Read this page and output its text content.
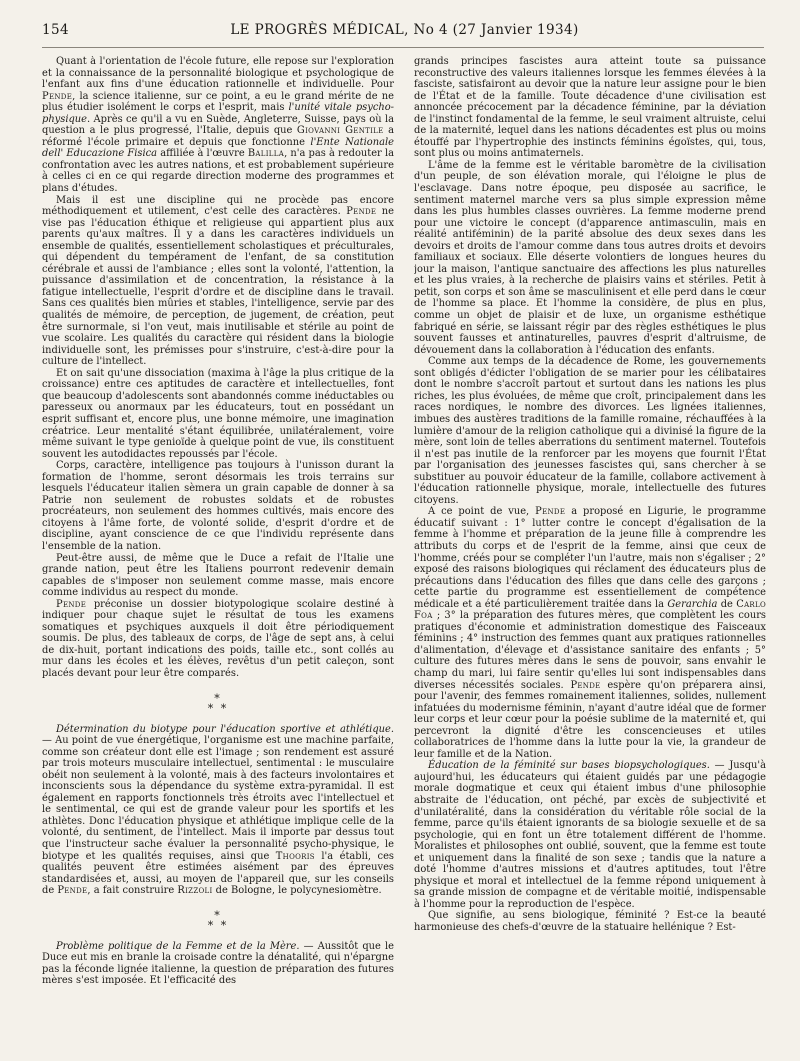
154	LE PROGRÈS MÉDICAL, No 4 (27 Janvier 1934)

Quant à l'orientation de l'école future, elle repose sur l'exploration et la connaissance de la personnalité biologique et psychologique de l'enfant aux fins d'une éducation rationnelle et individuelle. Pour Pende, la science italienne, sur ce point, a eu le grand mérite de ne plus étudier isolément le corps et l'esprit, mais l'unité vitale psycho-physique. Après ce qu'il a vu en Suède, Angleterre, Suisse, pays où la question a le plus progressé, l'Italie, depuis que Giovanni Gentile a réformé l'école primaire et depuis que fonctionne l'Ente Nationale dell' Educazione Fisica affiliée à l'œuvre Balilla, n'a pas à redouter la confrontation avec les autres nations, et est probablement supérieure à celles ci en ce qui regarde direction moderne des programmes et plans d'études.

Mais il est une discipline qui ne procède pas encore méthodiquement et utilement, c'est celle des caractères. Pende ne vise pas l'éducation éthique et religieuse qui appartient plus aux parents qu'aux maîtres. Il y a dans les caractères individuels un ensemble de qualités, essentiellement scholastiques et préculturales, qui dépendent du tempérament de l'enfant, de sa constitution cérébrale et aussi de l'ambiance ; elles sont la volonté, l'attention, la puissance d'assimilation et de concentration, la résistance à la fatigue intellectuelle, l'esprit d'ordre et de discipline dans le travail. Sans ces qualités bien mûries et stables, l'intelligence, servie par des qualités de mémoire, de perception, de jugement, de création, peut être surnormale, si l'on veut, mais inutilisable et stérile au point de vue scolaire. Les qualités du caractère qui résident dans la biologie individuelle sont, les prémisses pour s'instruire, c'est-à-dire pour la culture de l'intellect.

Et on sait qu'une dissociation (maxima à l'âge la plus critique de la croissance) entre ces aptitudes de caractère et intellectuelles, font que beaucoup d'adolescents sont abandonnés comme inéductables ou paresseux ou anormaux par les éducateurs, tout en possédant un esprit suffisant et, encore plus, une bonne mémoire, une imagination créatrice. Leur mentalité s'étant équilibrée, unilatéralement, voire même suivant le type genioïde à quelque point de vue, ils constituent souvent les autodidactes repoussés par l'école.

Corps, caractère, intelligence pas toujours à l'unisson durant la formation de l'homme, seront désormais les trois terrains sur lesquels l'éducateur italien sèmera un grain capable de donner à sa Patrie non seulement de robustes soldats et de robustes procréateurs, non seulement des hommes cultivés, mais encore des citoyens à l'âme forte, de volonté solide, d'esprit d'ordre et de discipline, ayant conscience de ce que l'individu représente dans l'ensemble de la nation.

Peut-être aussi, de même que le Duce a refait de l'Italie une grande nation, peut être les Italiens pourront redevenir demain capables de s'imposer non seulement comme masse, mais encore comme individus au respect du monde.

Pende préconise un dossier biotypologique scolaire destiné à indiquer pour chaque sujet le résultat de tous les examens somatiques et psychiques auxquels il doit être périodiquement soumis. De plus, des tableaux de corps, de l'âge de sept ans, à celui de dix-huit, portant indications des poids, taille etc., sont collés au mur dans les écoles et les élèves, revêtus d'un petit caleçon, sont placés devant pour leur être comparés.

*
* *

Détermination du biotype pour l'éducation sportive et athlétique. — Au point de vue énergétique, l'organisme est une machine parfaite, comme son créateur dont elle est l'image ; son rendement est assuré par trois moteurs musculaire intellectuel, sentimental : le musculaire obéit non seulement à la volonté, mais à des facteurs involontaires et inconscients sous la dépendance du système extra-pyramidal. Il est également en rapports fonctionnels très étroits avec l'intellectuel et le sentimental, ce qui est de grande valeur pour les sportifs et les athlètes. Donc l'éducation physique et athlétique implique celle de la volonté, du sentiment, de l'intellect. Mais il importe par dessus tout que l'instructeur sache évaluer la personnalité psycho-physique, le biotype et les qualités requises, ainsi que Thooris l'a établi, ces qualités peuvent être estimées aisément par des épreuves standardisées et, aussi, au moyen de l'appareil que, sur les conseils de Pende, a fait construire Rizzoli de Bologne, le polycynesiomètre.

*
* *

Problème politique de la Femme et de la Mère. — Aussitôt que le Duce eut mis en branle la croisade contre la dénatalité, qui n'épargne pas la féconde lignée italienne, la question de préparation des futures mères s'est imposée. Et l'efficacité des

grands principes fascistes aura atteint toute sa puissance reconstructive des valeurs italiennes lorsque les femmes élevées à la fasciste, satisfairont au devoir que la nature leur assigne pour le bien de l'État et de la famille. Toute décadence d'une civilisation est annoncée précocement par la décadence féminine, par la déviation de l'instinct fondamental de la femme, le seul vraiment altruiste, celui de la maternité, lequel dans les nations décadentes est plus ou moins étouffé par l'hypertrophie des instincts féminins égoïstes, qui, tous, sont plus ou moins antimaternels.

L'âme de la femme est le véritable baromètre de la civilisation d'un peuple, de son élévation morale, qui l'éloigne le plus de l'esclavage. Dans notre époque, peu disposée au sacrifice, le sentiment maternel marche vers sa plus simple expression même dans les plus humbles classes ouvrières. La femme moderne prend pour une victoire le concept (d'apparence antimasculin, mais en réalité antiféminin) de la parité absolue des deux sexes dans les devoirs et droits de l'amour comme dans tous autres droits et devoirs familiaux et sociaux. Elle déserte volontiers de longues heures du jour la maison, l'antique sanctuaire des affections les plus naturelles et les plus vraies, à la recherche de plaisirs vains et stériles. Petit à petit, son corps et son âme se masculinisent et elle perd dans le cœur de l'homme sa place. Et l'homme la considère, de plus en plus, comme un objet de plaisir et de luxe, un organisme esthétique fabriqué en série, se laissant régir par des règles esthétiques le plus souvent fausses et antinaturelles, pauvres d'esprit d'altruisme, de dévouement dans la collaboration à l'éducation des enfants.

Comme aux temps de la décadence de Rome, les gouvernements sont obligés d'édicter l'obligation de se marier pour les célibataires dont le nombre s'accroît partout et surtout dans les nations les plus riches, les plus évoluées, de même que croît, principalement dans les races nordiques, le nombre des divorces. Les lignées italiennes, imbues des austères traditions de la famille romaine, réchauffées à la lumière d'amour de la religion catholique qui a divinisé la figure de la mère, sont loin de telles aberrations du sentiment maternel. Toutefois il n'est pas inutile de la renforcer par les moyens que fournit l'État par l'organisation des jeunesses fascistes qui, sans chercher à se substituer au pouvoir éducateur de la famille, collabore activement à l'éducation rationnelle physique, morale, intellectuelle des futures citoyens.

A ce point de vue, Pende a proposé en Ligurie, le programme éducatif suivant : 1° lutter contre le concept d'égalisation de la femme à l'homme et préparation de la jeune fille à comprendre les attributs du corps et de l'esprit de la femme, ainsi que ceux de l'homme, créés pour se compléter l'un l'autre, mais non s'égaliser ; 2° exposé des raisons biologiques qui réclament des éducateurs plus de précautions dans l'éducation des filles que dans celle des garçons ; cette partie du programme est essentiellement de compétence médicale et a été particulièrement traitée dans la Gerarchia de Carlo Foa ; 3° la préparation des futures mères, que complètent les cours pratiques d'économie et administration domestique des Faisceaux féminins ; 4° instruction des femmes quant aux pratiques rationnelles d'alimentation, d'élevage et d'assistance sanitaire des enfants ; 5° culture des futures mères dans le sens de pouvoir, sans envahir le champ du mari, lui faire sentir qu'elles lui sont indispensables dans diverses nécessités sociales. Pende espère qu'on préparera ainsi, pour l'avenir, des femmes romainement italiennes, solides, nullement infatuées du modernisme féminin, n'ayant d'autre idéal que de former leur corps et leur cœur pour la poésie sublime de la maternité et, qui percevront la dignité d'être les conscencieuses et utiles collaboratrices de l'homme dans la lutte pour la vie, la grandeur de leur famille et de la Nation.

Éducation de la féminité sur bases biopsychologiques. — Jusqu'à aujourd'hui, les éducateurs qui étaient guidés par une pédagogie morale dogmatique et ceux qui étaient imbus d'une philosophie abstraite de l'éducation, ont péché, par excès de subjectivité et d'unilatéralité, dans la considération du véritable rôle social de la femme, parce qu'ils étaient ignorants de sa biologie sexuelle et de sa psychologie, qui en font un être totalement différent de l'homme. Moralistes et philosophes ont oublié, souvent, que la femme est toute et uniquement dans la finalité de son sexe ; tandis que la nature a doté l'homme d'autres missions et d'autres aptitudes, tout l'être physique et moral et intellectuel de la femme répond uniquement à sa grande mission de compagne et de véritable moitié, indispensable à l'homme pour la reproduction de l'espèce.

Que signifie, au sens biologique, féminité ? Est-ce la beauté harmonieuse des chefs-d'œuvre de la statuaire hellénique ? Est-
